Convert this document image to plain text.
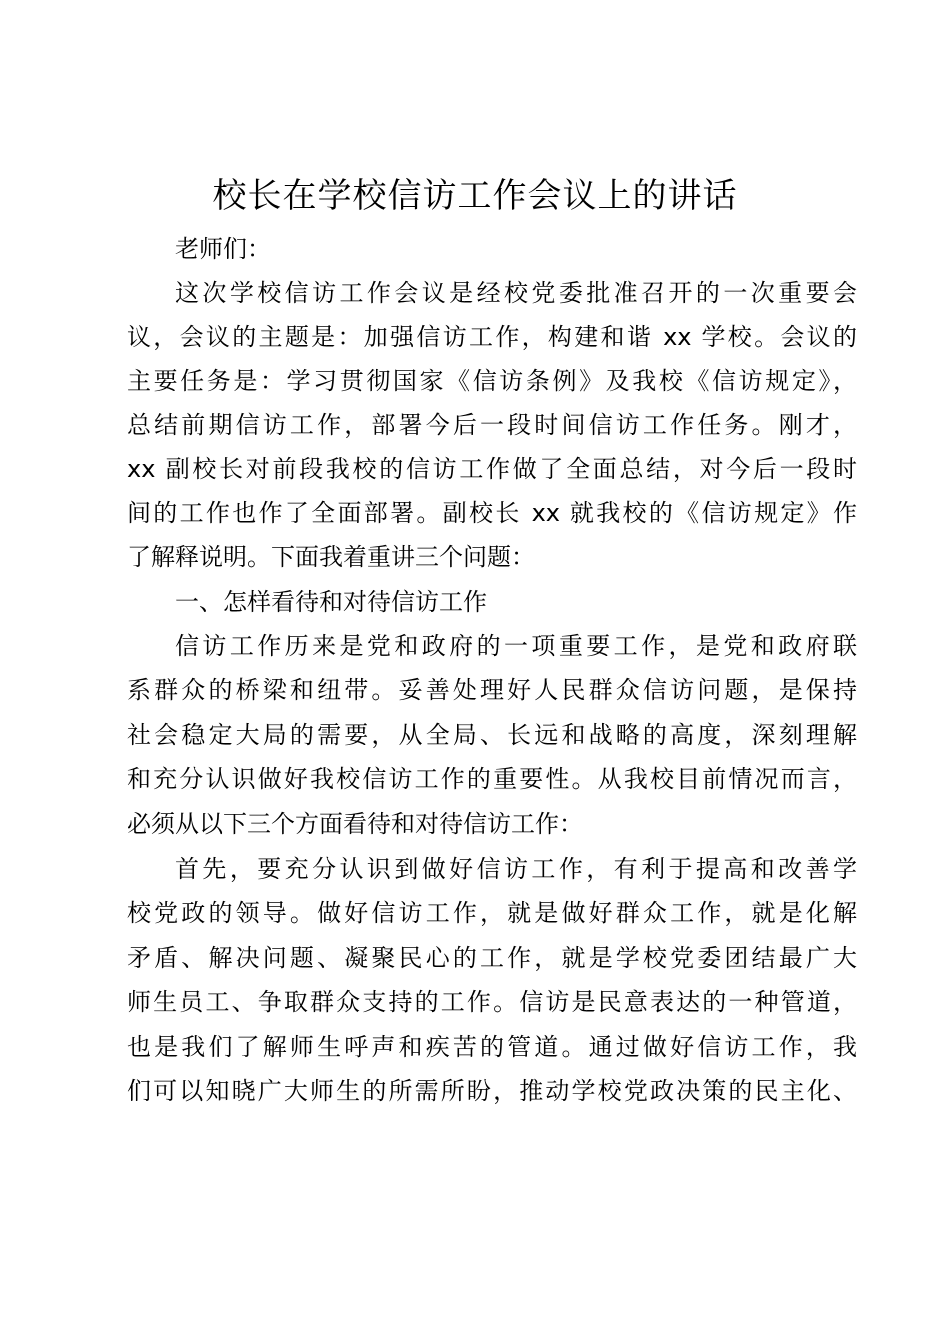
校长在学校信访工作会议上的讲话

老师们：

这次学校信访工作会议是经校党委批准召开的一次重要会

议，会议的主题是：加强信访工作，构建和谐 xx 学校。会议的

主要任务是：学习贯彻国家《信访条例》及我校《信访规定》，

总结前期信访工作，部署今后一段时间信访工作任务。刚才，

xx 副校长对前段我校的信访工作做了全面总结，对今后一段时

间的工作也作了全面部署。副校长 xx 就我校的《信访规定》作

了解释说明。下面我着重讲三个问题：

一、怎样看待和对待信访工作

信访工作历来是党和政府的一项重要工作，是党和政府联

系群众的桥梁和纽带。妥善处理好人民群众信访问题，是保持

社会稳定大局的需要，从全局、长远和战略的高度，深刻理解

和充分认识做好我校信访工作的重要性。从我校目前情况而言，

必须从以下三个方面看待和对待信访工作：

首先，要充分认识到做好信访工作，有利于提高和改善学

校党政的领导。做好信访工作，就是做好群众工作，就是化解

矛盾、解决问题、凝聚民心的工作，就是学校党委团结最广大

师生员工、争取群众支持的工作。信访是民意表达的一种管道，

也是我们了解师生呼声和疾苦的管道。通过做好信访工作，我

们可以知晓广大师生的所需所盼，推动学校党政决策的民主化、
